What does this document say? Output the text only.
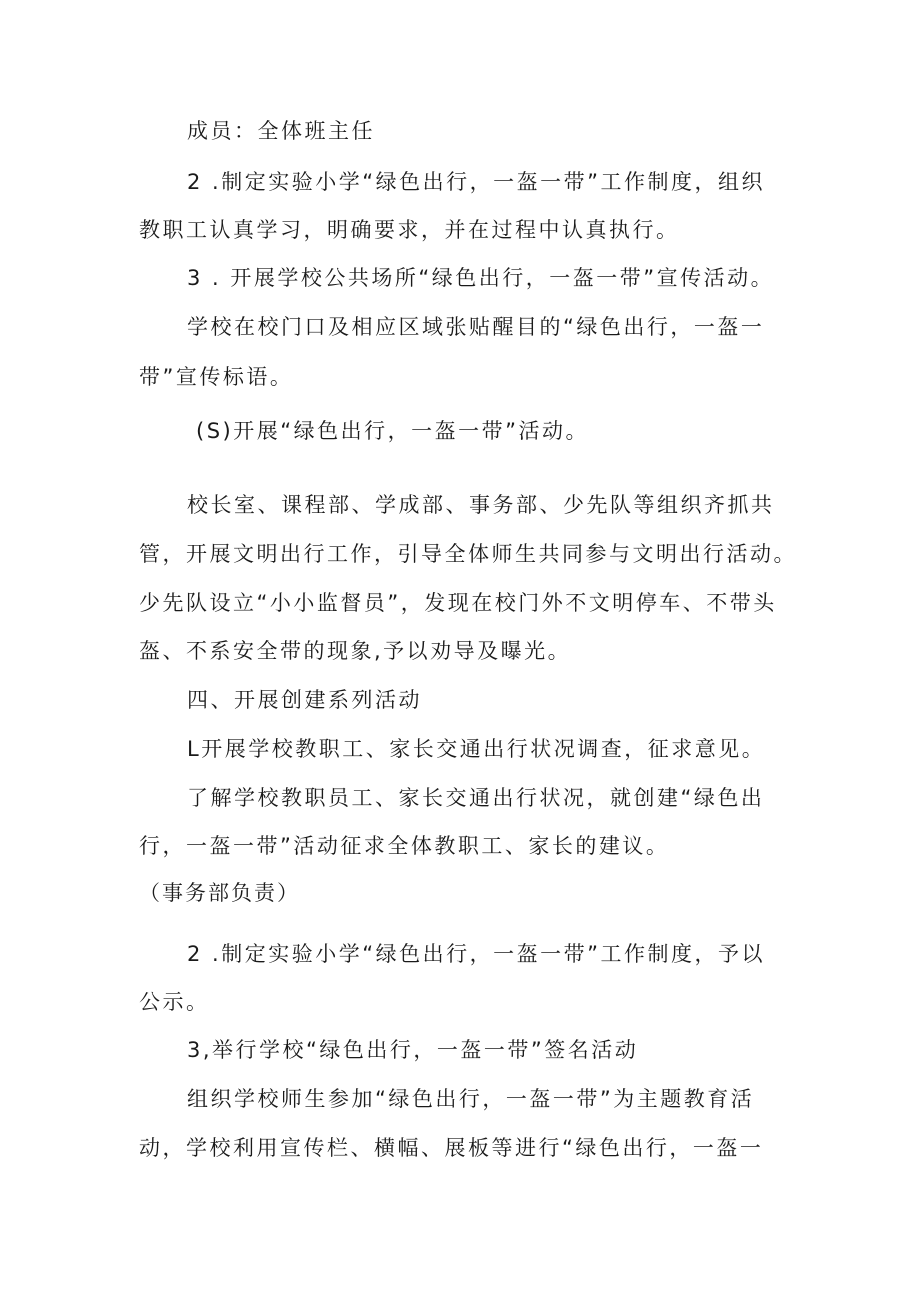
成员：全体班主任
2 .制定实验小学“绿色出行，一盔一带”工作制度，组织
教职工认真学习，明确要求，并在过程中认真执行。
3 . 开展学校公共场所“绿色出行，一盔一带”宣传活动。
学校在校门口及相应区域张贴醒目的“绿色出行，一盔一
带”宣传标语。
(S)开展“绿色出行，一盔一带”活动。
校长室、课程部、学成部、事务部、少先队等组织齐抓共
管，开展文明出行工作，引导全体师生共同参与文明出行活动。
少先队设立“小小监督员”，发现在校门外不文明停车、不带头
盔、不系安全带的现象,予以劝导及曝光。
四、开展创建系列活动
L开展学校教职工、家长交通出行状况调查，征求意见。
了解学校教职员工、家长交通出行状况，就创建“绿色出
行，一盔一带”活动征求全体教职工、家长的建议。
（事务部负责）
2 .制定实验小学“绿色出行，一盔一带”工作制度，予以
公示。
3,举行学校“绿色出行，一盔一带”签名活动
组织学校师生参加“绿色出行，一盔一带”为主题教育活
动，学校利用宣传栏、横幅、展板等进行“绿色出行，一盔一
